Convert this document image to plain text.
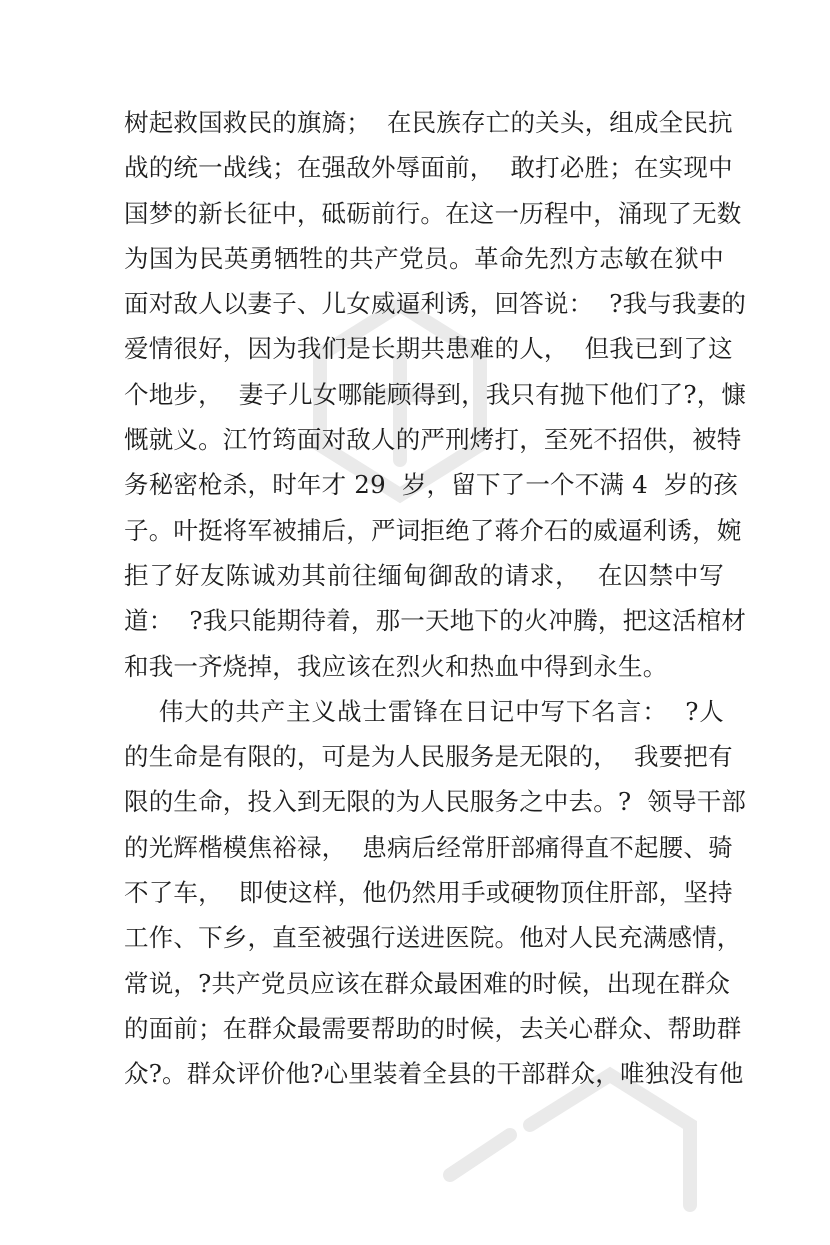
树起救国救民的旗旖；  在民族存亡的关头，组成全民抗
战的统一战线；在强敌外辱面前，  敢打必胜；在实现中
国梦的新长征中，砥砺前行。在这一历程中，涌现了无数
为国为民英勇牺牲的共产党员。革命先烈方志敏在狱中
面对敌人以妻子、儿女威逼利诱，回答说：  ?我与我妻的
爱情很好，因为我们是长期共患难的人，  但我已到了这
个地步，  妻子儿女哪能顾得到，我只有抛下他们了?，慷
慨就义。江竹筠面对敌人的严刑烤打，至死不招供，被特
务秘密枪杀，时年才 29  岁，留下了一个不满 4  岁的孩
子。叶挺将军被捕后，严词拒绝了蒋介石的威逼利诱，婉
拒了好友陈诚劝其前往缅甸御敌的请求，  在囚禁中写
道：  ?我只能期待着，那一天地下的火冲腾，把这活棺材
和我一齐烧掉，我应该在烈火和热血中得到永生。
伟大的共产主义战士雷锋在日记中写下名言：  ?人
的生命是有限的，可是为人民服务是无限的，  我要把有
限的生命，投入到无限的为人民服务之中去。?  领导干部
的光辉楷模焦裕禄，  患病后经常肝部痛得直不起腰、骑
不了车，  即使这样，他仍然用手或硬物顶住肝部，坚持
工作、下乡，直至被强行送进医院。他对人民充满感情，
常说，?共产党员应该在群众最困难的时候，出现在群众
的面前；在群众最需要帮助的时候，去关心群众、帮助群
众?。群众评价他?心里装着全县的干部群众，唯独没有他
